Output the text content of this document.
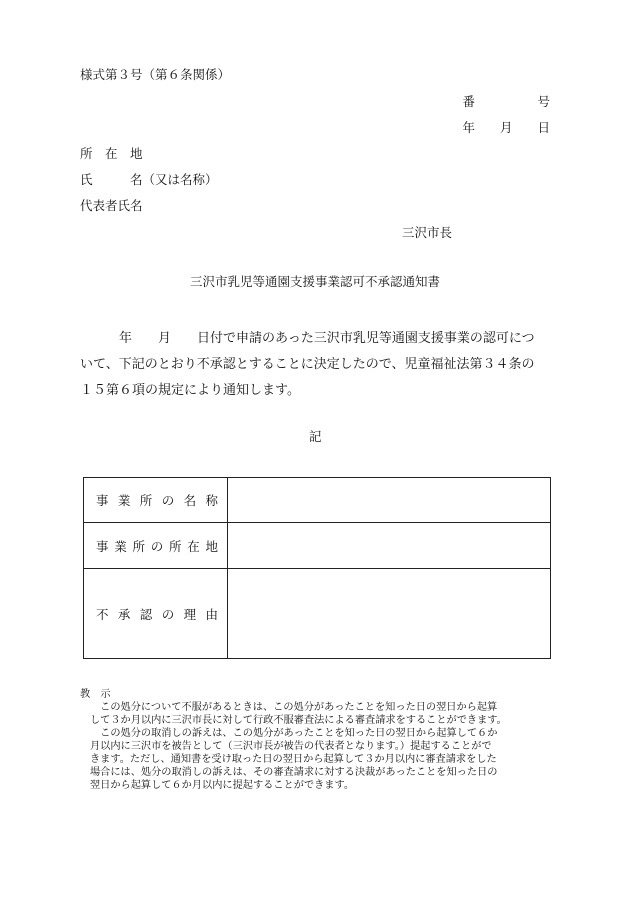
様式第３号（第６条関係）
番　　　　　号
年　　月　　日
所　在　地
氏　　　名（又は名称）
代表者氏名
三沢市長
三沢市乳児等通園支援事業認可不承認通知書

　　　年　　月　　日付で申請のあった三沢市乳児等通園支援事業の認可につ

いて、下記のとおり不承認とすることに決定したので、児童福祉法第３４条の

１５第６項の規定により通知します。

記
事業所の名称	
事業所の所在地	
不承認の理由	

教　示

　この処分について不服があるときは、この処分があったことを知った日の翌日から起算

して３か月以内に三沢市長に対して行政不服審査法による審査請求をすることができます。

　この処分の取消しの訴えは、この処分があったことを知った日の翌日から起算して６か

月以内に三沢市を被告として（三沢市長が被告の代表者となります。）提起することがで

きます。ただし、通知書を受け取った日の翌日から起算して３か月以内に審査請求をした

場合には、処分の取消しの訴えは、その審査請求に対する決裁があったことを知った日の

翌日から起算して６か月以内に提起することができます。
